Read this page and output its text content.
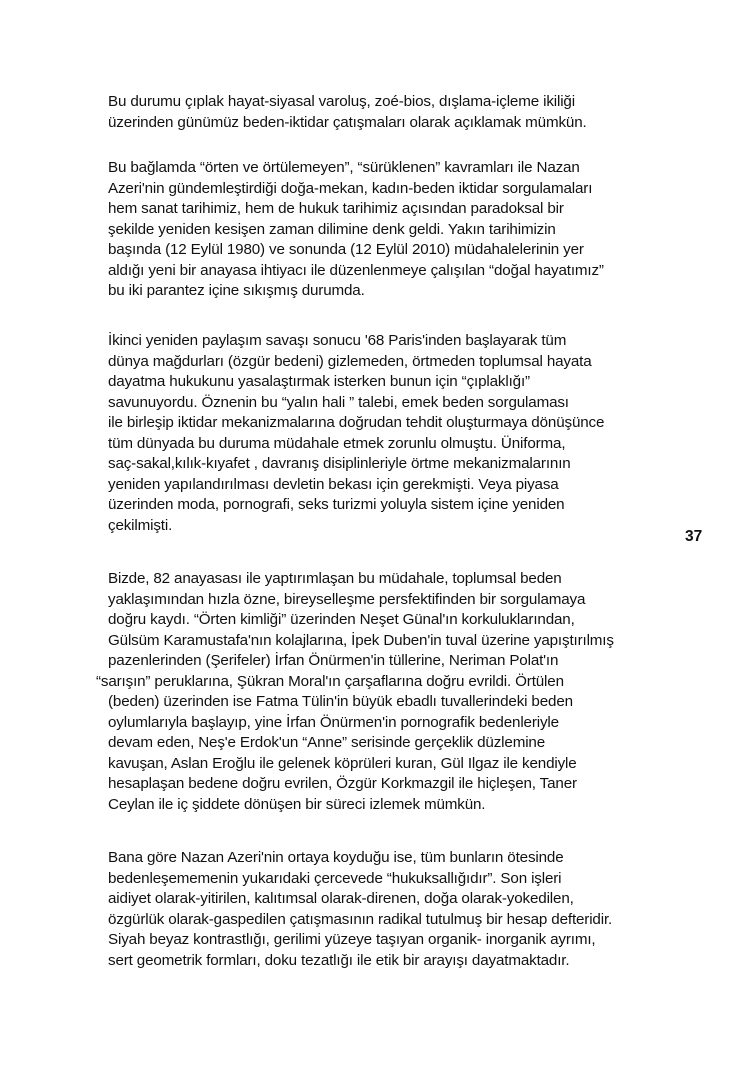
Bu durumu çıplak hayat-siyasal varoluş, zoé-bios, dışlama-içleme ikiliği
üzerinden günümüz beden-iktidar çatışmaları olarak açıklamak mümkün.

Bu bağlamda “örten ve örtülemeyen”, “sürüklenen” kavramları ile Nazan
Azeri'nin gündemleştirdiği doğa-mekan, kadın-beden iktidar sorgulamaları
hem sanat tarihimiz, hem de hukuk tarihimiz açısından paradoksal bir
şekilde yeniden kesişen zaman dilimine denk geldi. Yakın tarihimizin
başında (12 Eylül 1980) ve sonunda (12 Eylül 2010) müdahalelerinin yer
aldığı yeni bir anayasa ihtiyacı ile düzenlenmeye çalışılan “doğal hayatımız”
bu iki parantez içine sıkışmış durumda.

İkinci yeniden paylaşım savaşı sonucu '68 Paris'inden başlayarak tüm
dünya mağdurları (özgür bedeni) gizlemeden, örtmeden toplumsal hayata
dayatma hukukunu yasalaştırmak isterken bunun için “çıplaklığı”
savunuyordu. Öznenin bu “yalın hali ” talebi, emek beden sorgulaması
ile birleşip iktidar mekanizmalarına doğrudan tehdit oluşturmaya dönüşünce
tüm dünyada bu duruma müdahale etmek zorunlu olmuştu. Üniforma,
saç-sakal,kılık-kıyafet , davranış disiplinleriyle örtme mekanizmalarının
yeniden yapılandırılması devletin bekası için gerekmişti. Veya piyasa
üzerinden moda, pornografi, seks turizmi yoluyla sistem içine yeniden
çekilmişti.

37

Bizde, 82 anayasası ile yaptırımlaşan bu müdahale, toplumsal beden
yaklaşımından hızla özne, bireyselleşme persfektifinden bir sorgulamaya
doğru kaydı. “Örten kimliği” üzerinden Neşet Günal'ın korkuluklarından,
Gülsüm Karamustafa'nın kolajlarına, İpek Duben'in tuval üzerine yapıştırılmış
pazenlerinden (Şerifeler) İrfan Önürmen'in tüllerine, Neriman Polat'ın
“sarışın” peruklarına, Şükran Moral'ın çarşaflarına doğru evrildi. Örtülen
(beden) üzerinden ise Fatma Tülin'in büyük ebadlı tuvallerindeki beden
oylumlarıyla başlayıp, yine İrfan Önürmen'in pornografik bedenleriyle
devam eden, Neş'e Erdok'un “Anne” serisinde gerçeklik düzlemine
kavuşan, Aslan Eroğlu ile gelenek köprüleri kuran, Gül Ilgaz ile kendiyle
hesaplaşan bedene doğru evrilen, Özgür Korkmazgil ile hiçleşen, Taner
Ceylan ile iç şiddete dönüşen bir süreci izlemek mümkün.

Bana göre Nazan Azeri'nin ortaya koyduğu ise, tüm bunların ötesinde
bedenleşememenin yukarıdaki çercevede “hukuksallığıdır”. Son işleri
aidiyet olarak-yitirilen, kalıtımsal olarak-direnen, doğa olarak-yokedilen,
özgürlük olarak-gaspedilen çatışmasının radikal tutulmuş bir hesap defteridir.
Siyah beyaz kontrastlığı, gerilimi yüzeye taşıyan organik- inorganik ayrımı,
sert geometrik formları, doku tezatlığı ile etik bir arayışı dayatmaktadır.
